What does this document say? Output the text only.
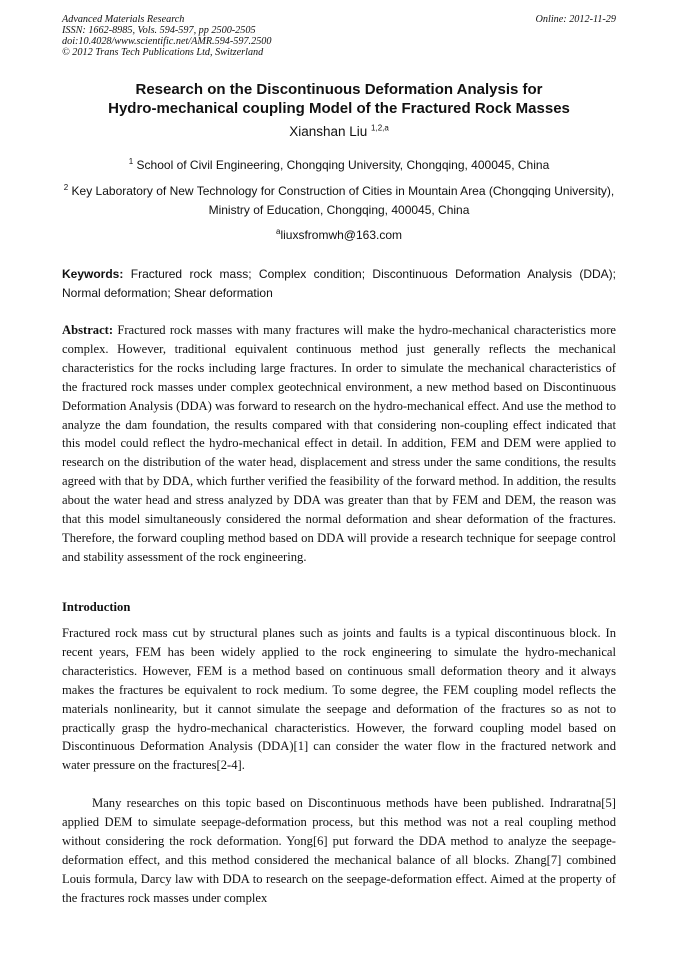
Advanced Materials Research
ISSN: 1662-8985, Vols. 594-597, pp 2500-2505
doi:10.4028/www.scientific.net/AMR.594-597.2500
© 2012 Trans Tech Publications Ltd, Switzerland
Online: 2012-11-29
Research on the Discontinuous Deformation Analysis for
Hydro-mechanical coupling Model of the Fractured Rock Masses
Xianshan Liu $^{1,2,a}$
$^1$ School of Civil Engineering, Chongqing University, Chongqing, 400045, China
$^2$ Key Laboratory of New Technology for Construction of Cities in Mountain Area (Chongqing University), Ministry of Education, Chongqing, 400045, China
$^a$liuxsfromwh@163.com
Keywords: Fractured rock mass; Complex condition; Discontinuous Deformation Analysis (DDA); Normal deformation; Shear deformation
Abstract: Fractured rock masses with many fractures will make the hydro-mechanical characteristics more complex. However, traditional equivalent continuous method just generally reflects the mechanical characteristics for the rocks including large fractures. In order to simulate the mechanical characteristics of the fractured rock masses under complex geotechnical environment, a new method based on Discontinuous Deformation Analysis (DDA) was forward to research on the hydro-mechanical effect. And use the method to analyze the dam foundation, the results compared with that considering non-coupling effect indicated that this model could reflect the hydro-mechanical effect in detail. In addition, FEM and DEM were applied to research on the distribution of the water head, displacement and stress under the same conditions, the results agreed with that by DDA, which further verified the feasibility of the forward method. In addition, the results about the water head and stress analyzed by DDA was greater than that by FEM and DEM, the reason was that this model simultaneously considered the normal deformation and shear deformation of the fractures. Therefore, the forward coupling method based on DDA will provide a research technique for seepage control and stability assessment of the rock engineering.
Introduction
Fractured rock mass cut by structural planes such as joints and faults is a typical discontinuous block. In recent years, FEM has been widely applied to the rock engineering to simulate the hydro-mechanical characteristics. However, FEM is a method based on continuous small deformation theory and it always makes the fractures be equivalent to rock medium. To some degree, the FEM coupling model reflects the materials nonlinearity, but it cannot simulate the seepage and deformation of the fractures so as not to practically grasp the hydro-mechanical characteristics. However, the forward coupling model based on Discontinuous Deformation Analysis (DDA)[1] can consider the water flow in the fractured network and water pressure on the fractures[2-4].
Many researches on this topic based on Discontinuous methods have been published. Indraratna[5] applied DEM to simulate seepage-deformation process, but this method was not a real coupling method without considering the rock deformation. Yong[6] put forward the DDA method to analyze the seepage-deformation effect, and this method considered the mechanical balance of all blocks. Zhang[7] combined Louis formula, Darcy law with DDA to research on the seepage-deformation effect. Aimed at the property of the fractures rock masses under complex
